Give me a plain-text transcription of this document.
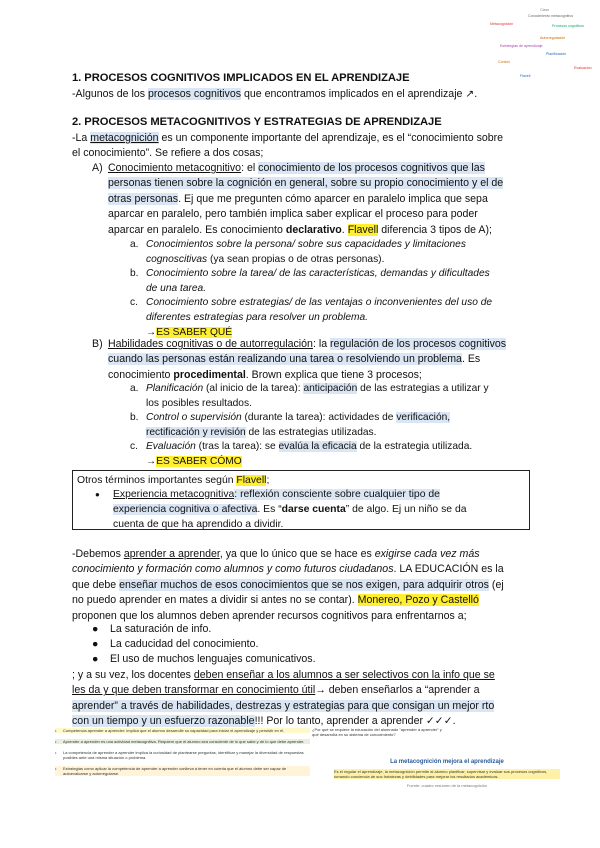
Clase
Conocimiento metacognitivo
Metacognición	Procesos cognitivos
Autorregulación
Estrategias de aprendizaje
Planificación
Control
Evaluación
Flavell
1. PROCESOS COGNITIVOS IMPLICADOS EN EL APRENDIZAJE
-Algunos de los procesos cognitivos que encontramos implicados en el aprendizaje ↗.
2. PROCESOS METACOGNITIVOS Y ESTRATEGIAS DE APRENDIZAJE
-La metacognición es un componente importante del aprendizaje, es el “conocimiento sobre
el conocimiento”. Se refiere a dos cosas;
A) Conocimiento metacognitivo: el conocimiento de los procesos cognitivos que las
personas tienen sobre la cognición en general, sobre su propio conocimiento y el de
otras personas. Ej que me pregunten cómo aparcer en paralelo implica que sepa
aparcar en paralelo, pero también implica saber explicar el proceso para poder
aparcar en paralelo. Es conocimiento declarativo. Flavell diferencia 3 tipos de A);
a. Conocimientos sobre la persona/ sobre sus capacidades y limitaciones
cognoscitivas (ya sean propias o de otras personas).
b. Conocimiento sobre la tarea/ de las características, demandas y dificultades
de una tarea.
c. Conocimiento sobre estrategias/ de las ventajas o inconvenientes del uso de
diferentes estrategias para resolver un problema.
→ES SABER QUÉ
B) Habilidades cognitivas o de autorregulación: la regulación de los procesos cognitivos
cuando las personas están realizando una tarea o resolviendo un problema. Es
conocimiento procedimental. Brown explica que tiene 3 procesos;
a. Planificación (al inicio de la tarea): anticipación de las estrategias a utilizar y
los posibles resultados.
b. Control o supervisión (durante la tarea): actividades de verificación,
rectificación y revisión de las estrategias utilizadas.
c. Evaluación (tras la tarea): se evalúa la eficacia de la estrategia utilizada.
→ES SABER CÓMO
Otros términos importantes según Flavell;
● Experiencia metacognitiva: reflexión consciente sobre cualquier tipo de
experiencia cognitiva o afectiva. Es “darse cuenta” de algo. Ej un niño se da
cuenta de que ha aprendido a dividir.
-Debemos aprender a aprender, ya que lo único que se hace es exigirse cada vez más
conocimiento y formación como alumnos y como futuros ciudadanos. LA EDUCACIÓN es la
que debe enseñar muchos de esos conocimientos que se nos exigen, para adquirir otros (ej
no puedo aprender en mates a dividir si antes no se contar). Monereo, Pozo y Castelló
proponen que los alumnos deben aprender recursos cognitivos para enfrentarnos a;
● La saturación de info.
● La caducidad del conocimiento.
● El uso de muchos lenguajes comunicativos.
; y a su vez, los docentes deben enseñar a los alumnos a ser selectivos con la info que se
les da y que deben transformar en conocimiento útil→ deben enseñarlos a “aprender a
aprender” a través de habilidades, destrezas y estrategias para que consigan un mejor rto
con un tiempo y un esfuerzo razonable!!! Por lo tanto, aprender a aprender ✓✓✓.
• Competencia aprender a aprender: implica que el alumno desarrolle su capacidad para iniciar el aprendizaje y persistir en él.
• Aprender a aprender es una actividad metacognitiva. Requiere que el alumno sea consciente de lo que sabe y de lo que debe aprender.
• La competencia de aprender a aprender implica la curiosidad de plantearse preguntas, identificar y manejar la diversidad de respuestas posibles ante una misma situación o problema.
• Estrategias como aplicar la competencia de aprender a aprender conlleva a tener en cuenta que el alumno debe ser capaz de autoevaluarse y autorregularse.
¿Por qué se requiere la educación del alumnado "aprender a aprender" y qué desarrolla en su sistema de conocimiento?
La metacognición mejora el aprendizaje
Es el regular el aprendizaje, la metacognición permite al alumno planificar, supervisar y evaluar sus procesos cognitivos, tomando conciencia de sus fortalezas y debilidades para mejorar los resultados académicos.
Fuente: cuadro resumen de la metacognición
